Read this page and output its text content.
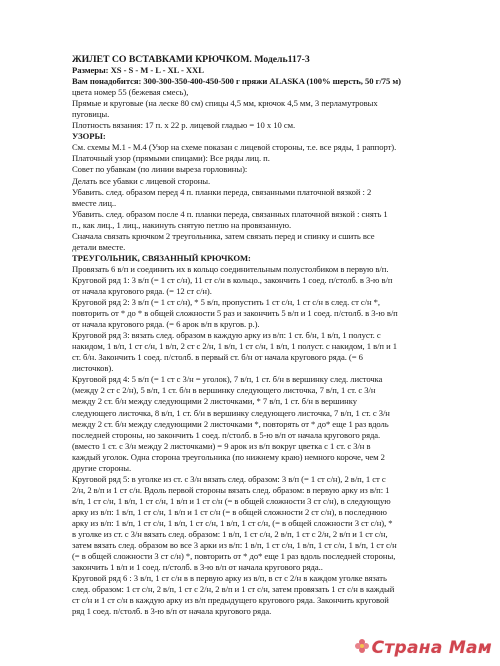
ЖИЛЕТ СО ВСТАВКАМИ КРЮЧКОМ. Модель117-3
Размеры: XS - S - M - L - XL - XXL
Вам понадобится: 300-300-350-400-450-500 г пряжи ALASKA (100% шерсть, 50 г/75 м)
цвета номер 55 (бежевая смесь),
Прямые и круговые (на леске 80 см) спицы 4,5 мм, крючок 4,5 мм, 3 перламутровых
пуговицы.
Плотность вязания: 17 п. х 22 р. лицевой гладью = 10 х 10 см.
УЗОРЫ:
См. схемы М.1 - М.4 (Узор на схеме показан с лицевой стороны, т.е. все ряды, 1 раппорт).
Платочный узор (прямыми спицами): Все ряды лиц. п.
Совет по убавкам (по линии выреза горловины):
Делать все убавки с лицевой стороны.
Убавить. след. образом перед 4 п. планки переда, связанными платочной вязкой : 2
вместе лиц..
Убавить. след. образом после 4 п. планки переда, связанных платочной вязкой : снять 1
п., как лиц., 1 лиц., накинуть снятую петлю на провязанную.
Сначала связать крючком 2 треугольника, затем связать перед и спинку и сшить все
детали вместе.
ТРЕУГОЛЬНИК, СВЯЗАННЫЙ КРЮЧКОМ:
Провязать 6 в/п и соединить их в кольцо соединительным полустолбиком в первую в/п.
Круговой ряд 1: 3 в/п (= 1 ст с/н), 11 ст с/н в кольцо., закончить 1 соед. п/столб. в 3-ю в/п
от начала кругового ряда. (= 12 ст с/н).
Круговой ряд 2: 3 в/п (= 1 ст с/н), * 5 в/п, пропустить 1 ст с/н, 1 ст с/н в след. ст с/н *,
повторить от * до * в общей сложности 5 раз и закончить 5 в/п и 1 соед. п/столб. в 3-ю в/п
от начала кругового ряда. (= 6 арок в/п в кругов. р.).
Круговой ряд 3: вязать след. образом в каждую арку из в/п: 1 ст. б/н, 1 в/п, 1 полуст. с
накидом, 1 в/п, 1 ст с/н, 1 в/п, 2 ст с 2/н, 1 в/п, 1 ст с/н, 1 в/п, 1 полуст. с накидом, 1 в/п и 1
ст. б/н. Закончить 1 соед. п/столб. в первый ст. б/н от начала кругового ряда. (= 6
листочков).
Круговой ряд 4: 5 в/п (= 1 ст с 3/н = уголок), 7 в/п, 1 ст. б/н в вершинку след. листочка
(между 2 ст с 2/н), 5 в/п, 1 ст. б/н в вершинку следующего листочка, 7 в/п, 1 ст. с 3/н
между 2 ст. б/н между следующими 2 листочками, * 7 в/п, 1 ст. б/н в вершинку
следующего листочка, 8 в/п, 1 ст. б/н в вершинку следующего листочка, 7 в/п, 1 ст. с 3/н
между 2 ст. б/н между следующими 2 листочками *, повторять от * до* еще 1 раз вдоль
последней стороны, но закончить 1 соед. п/столб. в 5-ю в/п от начала кругового ряда.
(вместо 1 ст. с 3/н между 2 листочками) = 9 арок из в/п вокруг цветка с 1 ст. с 3/н в
каждый уголок. Одна сторона треугольника (по нижнему краю) немного короче, чем 2
другие стороны.
Круговой ряд 5: в уголке из ст. с 3/н вязать след. образом: 3 в/п (= 1 ст с/н), 2 в/п, 1 ст с
2/н, 2 в/п и 1 ст с/н. Вдоль первой стороны вязать след. образом: в первую арку из в/п: 1
в/п, 1 ст с/н, 1 в/п, 1 ст с/н, 1 в/п и 1 ст с/н (= в общей сложности 3 ст с/н), в следующую
арку из в/п: 1 в/п, 1 ст с/н, 1 в/п и 1 ст с/н (= в общей сложности 2 ст с/н), в последнюю
арку из в/п: 1 в/п, 1 ст с/н, 1 в/п, 1 ст с/н, 1 в/п, 1 ст с/н, (= в общей сложности 3 ст с/н), *
в уголке из ст. с 3/н вязать след. образом: 1 в/п, 1 ст с/н, 2 в/п, 1 ст с 2/н, 2 в/п и 1 ст с/н,
затем вязать след. образом во все 3 арки из в/п: 1 в/п, 1 ст с/н, 1 в/п, 1 ст с/н, 1 в/п, 1 ст с/н
(= в общей сложности 3 ст с/н) *, повторить от * до* еще 1 раз вдоль последней стороны,
закончить 1 в/п и 1 соед. п/столб. в 3-ю в/п от начала кругового ряда..
Круговой ряд 6 : 3 в/п, 1 ст с/н в в первую арку из в/п, в ст с 2/н в каждом уголке вязать
след. образом: 1 ст с/н, 2 в/п, 1 ст с 2/н, 2 в/п и 1 ст с/н, затем провязать 1 ст с/н в каждый
ст с/н и 1 ст с/н в каждую арку из в/п предыдущего кругового ряда. Закончить круговой
ряд 1 соед. п/столб. в 3-ю в/п от начала кругового ряда.
Страна Мам
